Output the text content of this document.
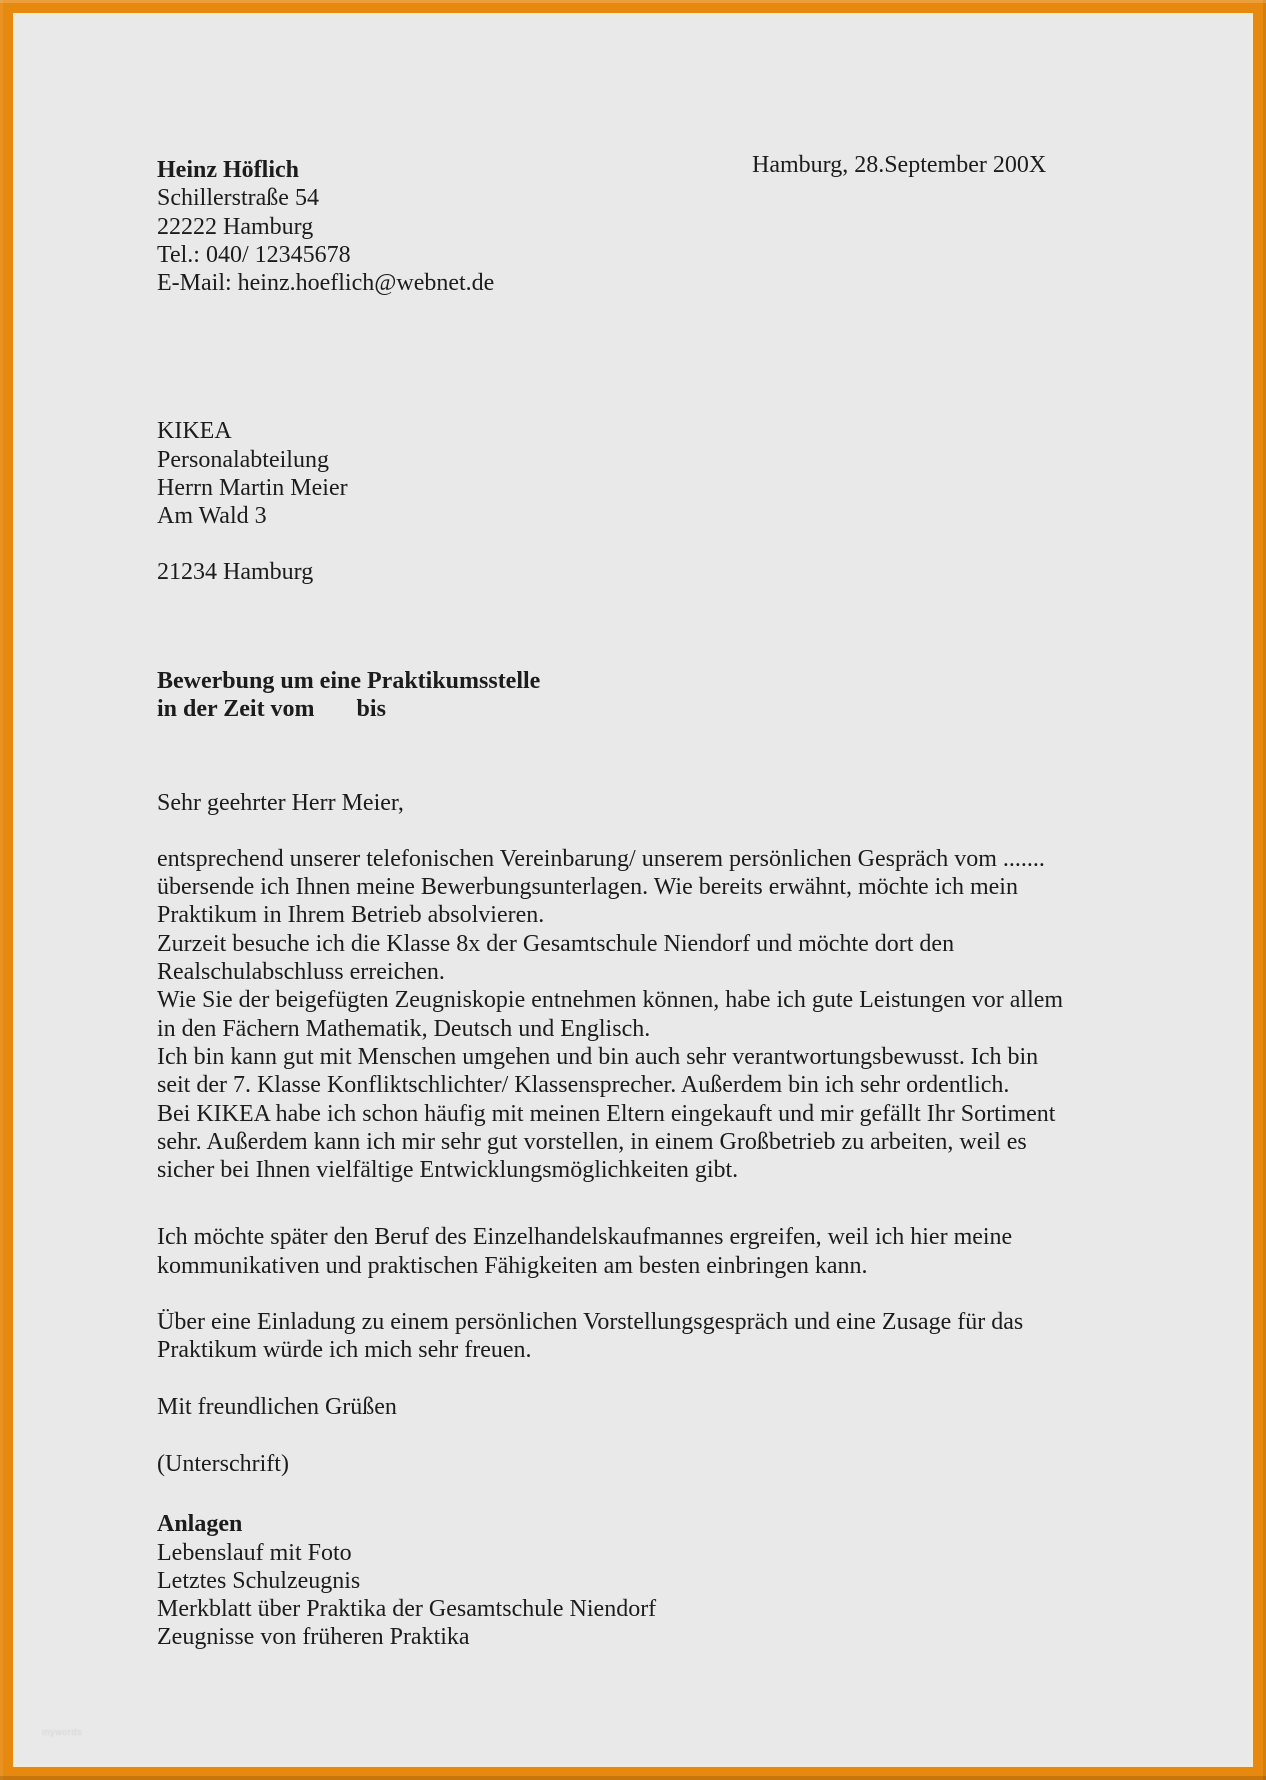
Heinz Höflich
Schillerstraße 54
22222 Hamburg
Tel.: 040/ 12345678
E-Mail: heinz.hoeflich@webnet.de
Hamburg, 28.September 200X
KIKEA
Personalabteilung
Herrn Martin Meier
Am Wald 3
21234 Hamburg
Bewerbung um eine Praktikumsstelle
in der Zeit vom       bis
Sehr geehrter Herr Meier,
entsprechend unserer telefonischen Vereinbarung/ unserem persönlichen Gespräch vom .......
übersende ich Ihnen meine Bewerbungsunterlagen. Wie bereits erwähnt, möchte ich mein
Praktikum in Ihrem Betrieb absolvieren.
Zurzeit besuche ich die Klasse 8x der Gesamtschule Niendorf und möchte dort den
Realschulabschluss erreichen.
Wie Sie der beigefügten Zeugniskopie entnehmen können, habe ich gute Leistungen vor allem
in den Fächern Mathematik, Deutsch und Englisch.
Ich bin kann gut mit Menschen umgehen und bin auch sehr verantwortungsbewusst. Ich bin
seit der 7. Klasse Konfliktschlichter/ Klassensprecher. Außerdem bin ich sehr ordentlich.
Bei KIKEA habe ich schon häufig mit meinen Eltern eingekauft und mir gefällt Ihr Sortiment
sehr. Außerdem kann ich mir sehr gut vorstellen, in einem Großbetrieb zu arbeiten, weil es
sicher bei Ihnen vielfältige Entwicklungsmöglichkeiten gibt.
Ich möchte später den Beruf des Einzelhandelskaufmannes ergreifen, weil ich hier meine
kommunikativen und praktischen Fähigkeiten am besten einbringen kann.
Über eine Einladung zu einem persönlichen Vorstellungsgespräch und eine Zusage für das
Praktikum würde ich mich sehr freuen.
Mit freundlichen Grüßen
(Unterschrift)
Anlagen
Lebenslauf mit Foto
Letztes Schulzeugnis
Merkblatt über Praktika der Gesamtschule Niendorf
Zeugnisse von früheren Praktika
mywords
